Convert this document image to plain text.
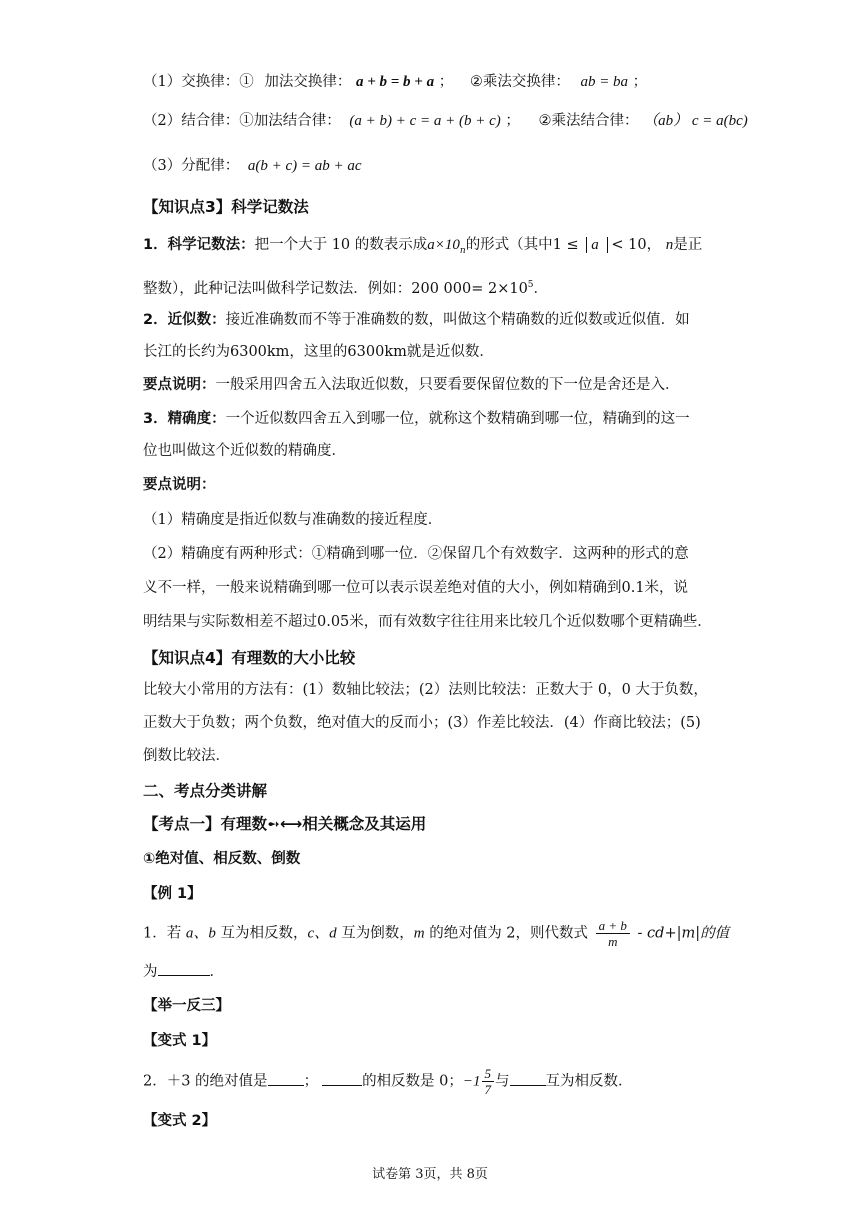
（1）交换律：① 加法交换律： a + b = b + a ； ②乘法交换律： ab = ba ；
（2）结合律：①加法结合律： (a + b) + c = a + (b + c) ； ②乘法结合律： （ab） c = a(bc)
（3）分配律： a(b + c) = ab + ac
【知识点3】科学记数法
1．科学记数法：把一个大于 10 的数表示成$a\times 10_n$的形式（其中1 ≤ a < 10， n是正
整数），此种记法叫做科学记数法．例如：200 $000= 2\times 10^5$．
2．近似数：接近准确数而不等于准确数的数，叫做这个精确数的近似数或近似值．如
长江的长约为6300km，这里的6300km就是近似数．
要点说明：一般采用四舍五入法取近似数，只要看要保留位数的下一位是舍还是入．
3．精确度：一个近似数四舍五入到哪一位，就称这个数精确到哪一位，精确到的这一
位也叫做这个近似数的精确度．
要点说明：
（1）精确度是指近似数与准确数的接近程度．
（2）精确度有两种形式：①精确到哪一位．②保留几个有效数字．这两种的形式的意
义不一样，一般来说精确到哪一位可以表示误差绝对值的大小，例如精确到0.1米，说
明结果与实际数相差不超过0.05米，而有效数字往往用来比较几个近似数哪个更精确些．
【知识点4】有理数的大小比较
比较大小常用的方法有：(1）数轴比较法；(2）法则比较法：正数大于 0，0 大于负数，
正数大于负数；两个负数，绝对值大的反而小；(3）作差比较法．(4）作商比较法；(5)
倒数比较法．
二、考点分类讲解
【考点一】有理数➻⟷相关概念及其运用
①绝对值、相反数、倒数
【例 1】
1．若 a、b 互为相反数，c、d 互为倒数，m 的绝对值为 2，则代数式 $\frac{a + b}{m} - cd+|m|$的值
为	．
【举一反三】
【变式 1】
2．＋3 的绝对值是 ；	的相反数是 0；$-1 \frac{5}{7}$ 与 互为相反数．
【变式 2】
试卷第 3页，共 8页
